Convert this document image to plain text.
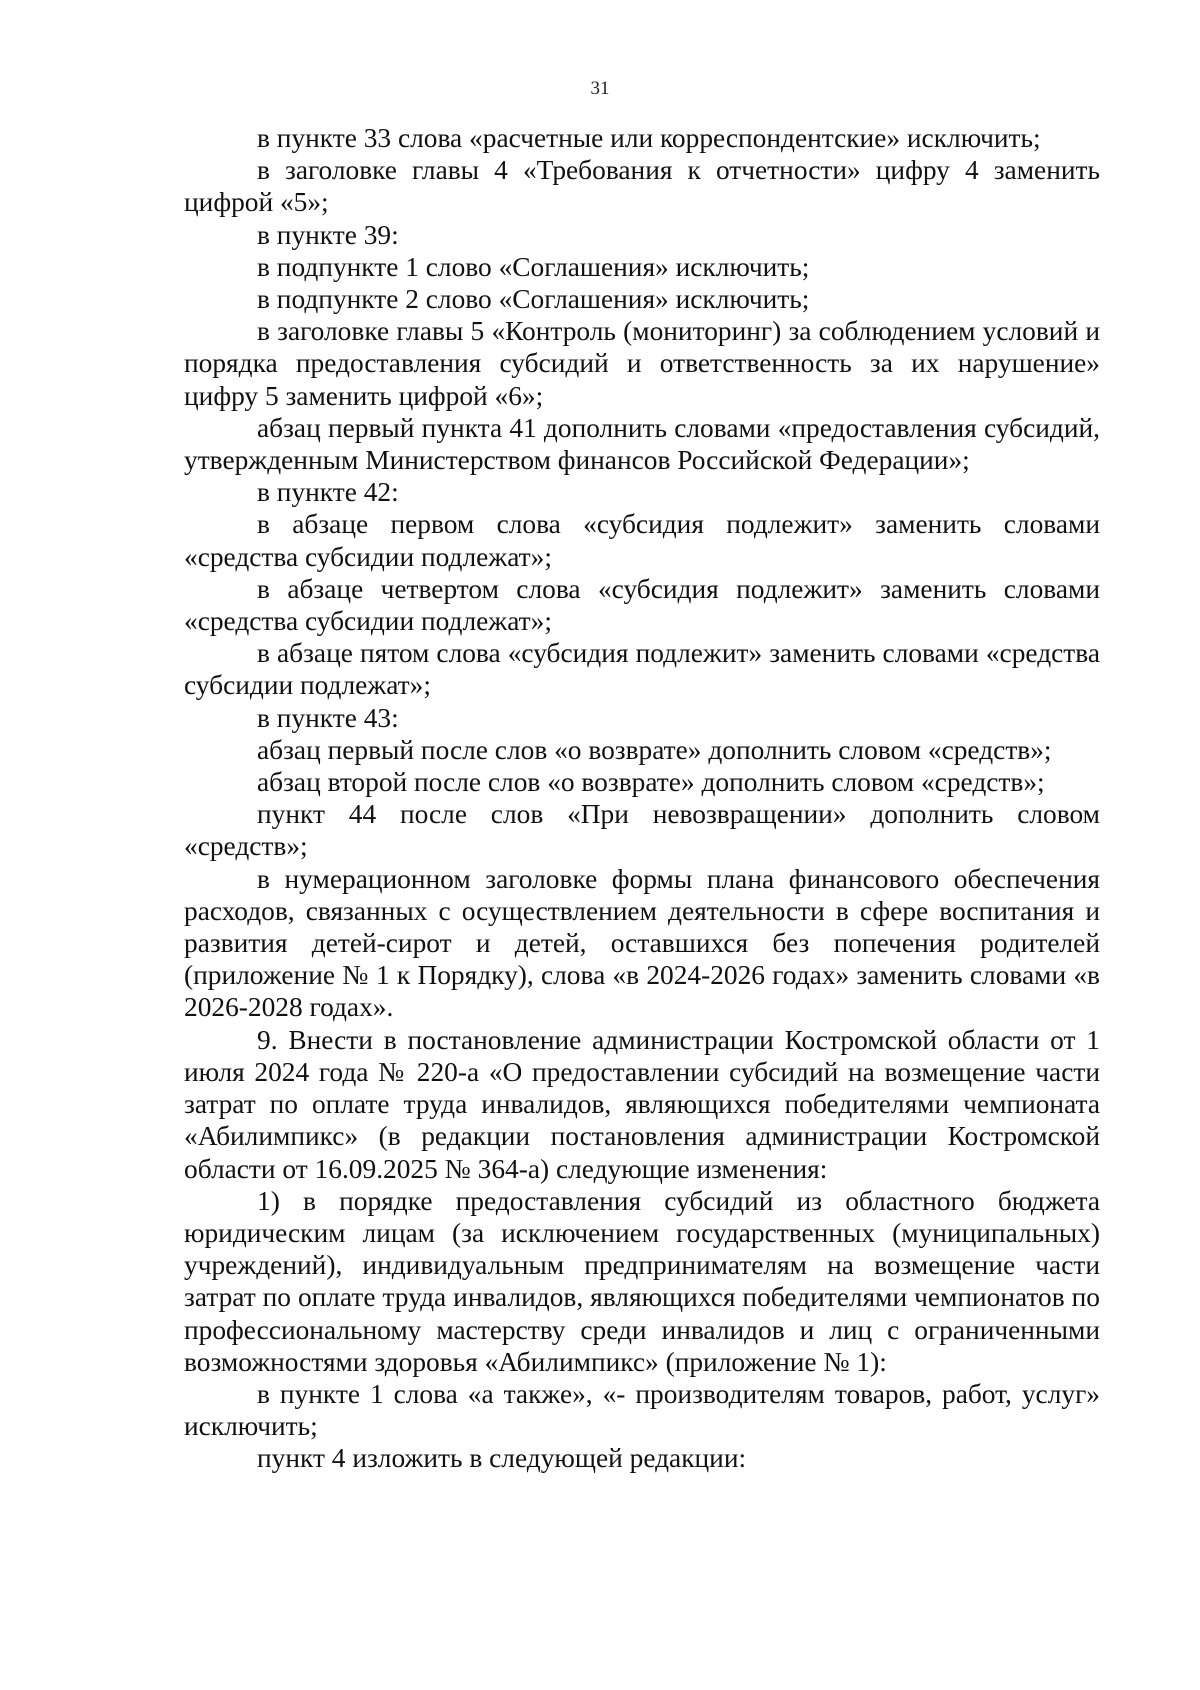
31

в пункте 33 слова «расчетные или корреспондентские» исключить;

в заголовке главы 4 «Требования к отчетности» цифру 4 заменить цифрой «5»;

в пункте 39:

в подпункте 1 слово «Соглашения» исключить;

в подпункте 2 слово «Соглашения» исключить;

в заголовке главы 5 «Контроль (мониторинг) за соблюдением условий и порядка предоставления субсидий и ответственность за их нарушение» цифру 5 заменить цифрой «6»;

абзац первый пункта 41 дополнить словами «предоставления субсидий, утвержденным Министерством финансов Российской Федерации»;

в пункте 42:

в абзаце первом слова «субсидия подлежит» заменить словами «средства субсидии подлежат»;

в абзаце четвертом слова «субсидия подлежит» заменить словами «средства субсидии подлежат»;

в абзаце пятом слова «субсидия подлежит» заменить словами «средства субсидии подлежат»;

в пункте 43:

абзац первый после слов «о возврате» дополнить словом «средств»;

абзац второй после слов «о возврате» дополнить словом «средств»;

пункт 44 после слов «При невозвращении» дополнить словом «средств»;

в нумерационном заголовке формы плана финансового обеспечения расходов, связанных с осуществлением деятельности в сфере воспитания и развития детей-сирот и детей, оставшихся без попечения родителей (приложение № 1 к Порядку), слова «в 2024-2026 годах» заменить словами «в 2026-2028 годах».

9. Внести в постановление администрации Костромской области от 1 июля 2024 года № 220-а «О предоставлении субсидий на возмещение части затрат по оплате труда инвалидов, являющихся победителями чемпионата «Абилимпикс» (в редакции постановления администрации Костромской области от 16.09.2025 № 364-а) следующие изменения:

1) в порядке предоставления субсидий из областного бюджета юридическим лицам (за исключением государственных (муниципальных) учреждений), индивидуальным предпринимателям на возмещение части затрат по оплате труда инвалидов, являющихся победителями чемпионатов по профессиональному мастерству среди инвалидов и лиц с ограниченными возможностями здоровья «Абилимпикс» (приложение № 1):

в пункте 1 слова «а также», «- производителям товаров, работ, услуг» исключить;

пункт 4 изложить в следующей редакции:
